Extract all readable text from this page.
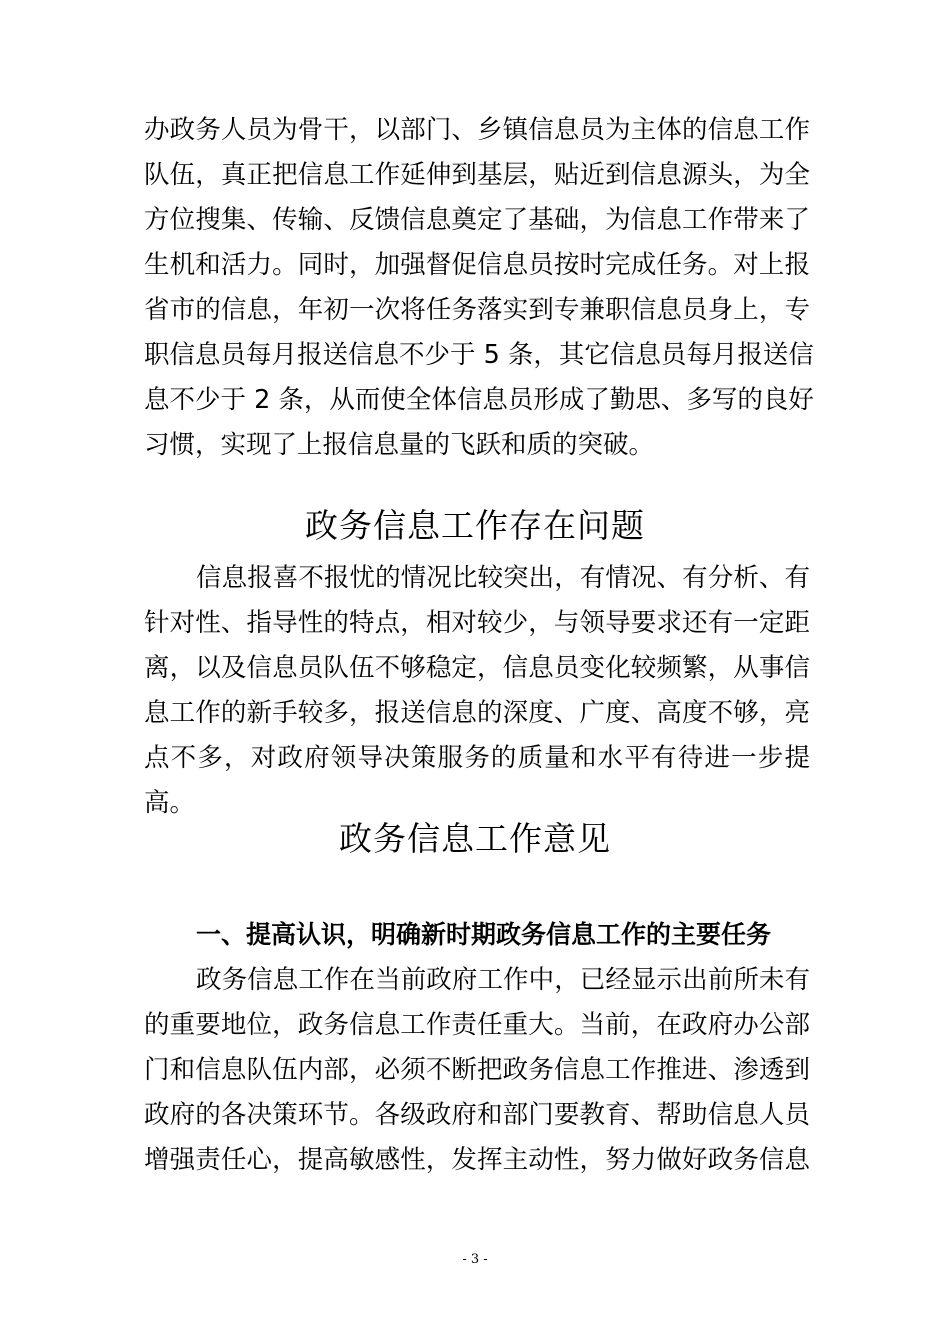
办政务人员为骨干，以部门、乡镇信息员为主体的信息工作
队伍，真正把信息工作延伸到基层，贴近到信息源头，为全
方位搜集、传输、反馈信息奠定了基础，为信息工作带来了
生机和活力。同时，加强督促信息员按时完成任务。对上报
省市的信息，年初一次将任务落实到专兼职信息员身上，专
职信息员每月报送信息不少于 5 条，其它信息员每月报送信
息不少于 2 条，从而使全体信息员形成了勤思、多写的良好
习惯，实现了上报信息量的飞跃和质的突破。
政务信息工作存在问题
信息报喜不报忧的情况比较突出，有情况、有分析、有
针对性、指导性的特点，相对较少，与领导要求还有一定距
离，以及信息员队伍不够稳定，信息员变化较频繁，从事信
息工作的新手较多，报送信息的深度、广度、高度不够，亮
点不多，对政府领导决策服务的质量和水平有待进一步提
高。
政务信息工作意见
一、提高认识，明确新时期政务信息工作的主要任务
政务信息工作在当前政府工作中，已经显示出前所未有
的重要地位，政务信息工作责任重大。当前，在政府办公部
门和信息队伍内部，必须不断把政务信息工作推进、渗透到
政府的各决策环节。各级政府和部门要教育、帮助信息人员
增强责任心，提高敏感性，发挥主动性，努力做好政务信息
- 3 -
